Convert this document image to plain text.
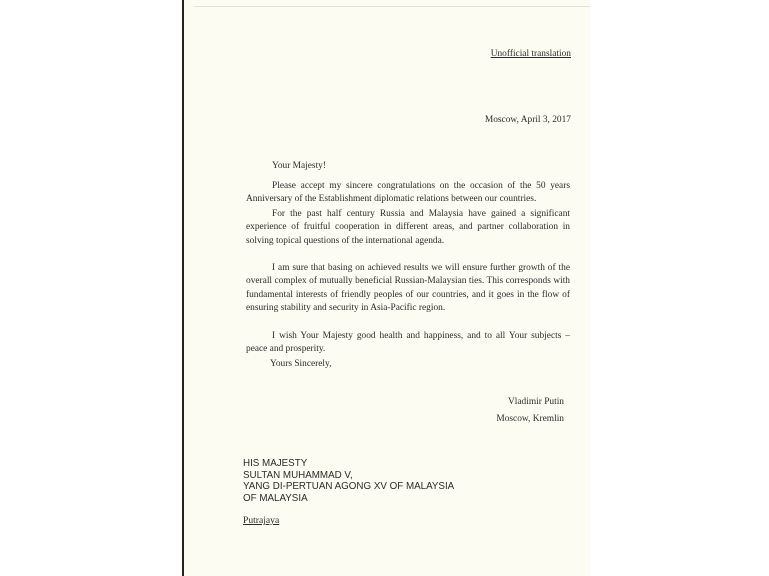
Unofficial translation
Moscow, April 3, 2017
Your Majesty!
Please accept my sincere congratulations on the occasion of the 50 years Anniversary of the Establishment diplomatic relations between our countries.
For the past half century Russia and Malaysia have gained a significant experience of fruitful cooperation in different areas, and partner collaboration in solving topical questions of the international agenda.
I am sure that basing on achieved results we will ensure further growth of the overall complex of mutually beneficial Russian-Malaysian ties. This corresponds with fundamental interests of friendly peoples of our countries, and it goes in the flow of ensuring stability and security in Asia-Pacific region.
I wish Your Majesty good health and happiness, and to all Your subjects – peace and prosperity.
Yours Sincerely,
Vladimir Putin
Moscow, Kremlin
HIS MAJESTY
SULTAN MUHAMMAD V,
YANG DI-PERTUAN AGONG XV OF MALAYSIA
OF MALAYSIA
Putrajaya
